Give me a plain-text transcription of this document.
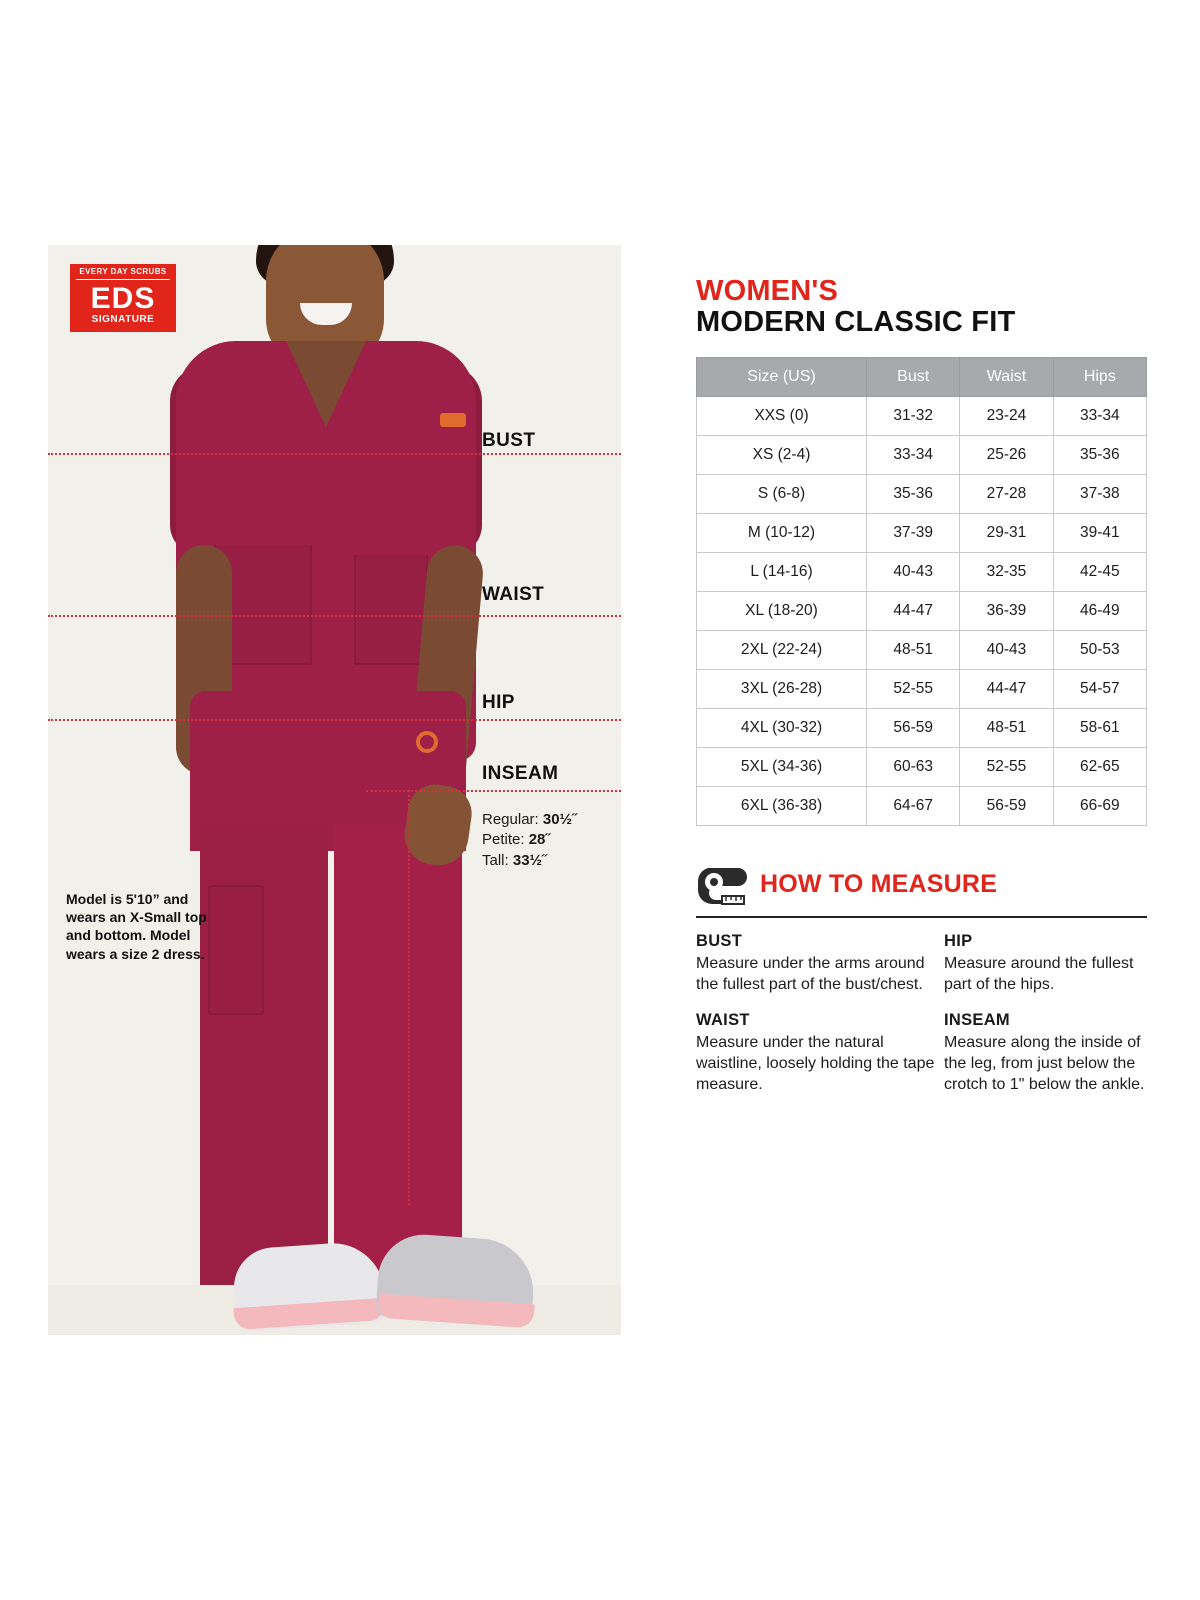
EVERY DAY SCRUBS
EDS
SIGNATURE
BUST
WAIST
HIP
INSEAM
Regular: 30½˝
Petite: 28˝
Tall: 33½˝
Model is 5'10” and wears an X-Small top and bottom. Model wears a size 2 dress.
WOMEN'S
MODERN CLASSIC FIT
Size (US)	Bust	Waist	Hips
XXS (0)	31-32	23-24	33-34
XS (2-4)	33-34	25-26	35-36
S (6-8)	35-36	27-28	37-38
M (10-12)	37-39	29-31	39-41
L (14-16)	40-43	32-35	42-45
XL (18-20)	44-47	36-39	46-49
2XL (22-24)	48-51	40-43	50-53
3XL (26-28)	52-55	44-47	54-57
4XL (30-32)	56-59	48-51	58-61
5XL (34-36)	60-63	52-55	62-65
6XL (36-38)	64-67	56-59	66-69
HOW TO MEASURE
BUST

Measure under the arms around the fullest part of the bust/chest.

HIP

Measure around the fullest part of the hips.

WAIST

Measure under the natural waistline, loosely holding the tape measure.

INSEAM

Measure along the inside of the leg, from just below the crotch to 1" below the ankle.
